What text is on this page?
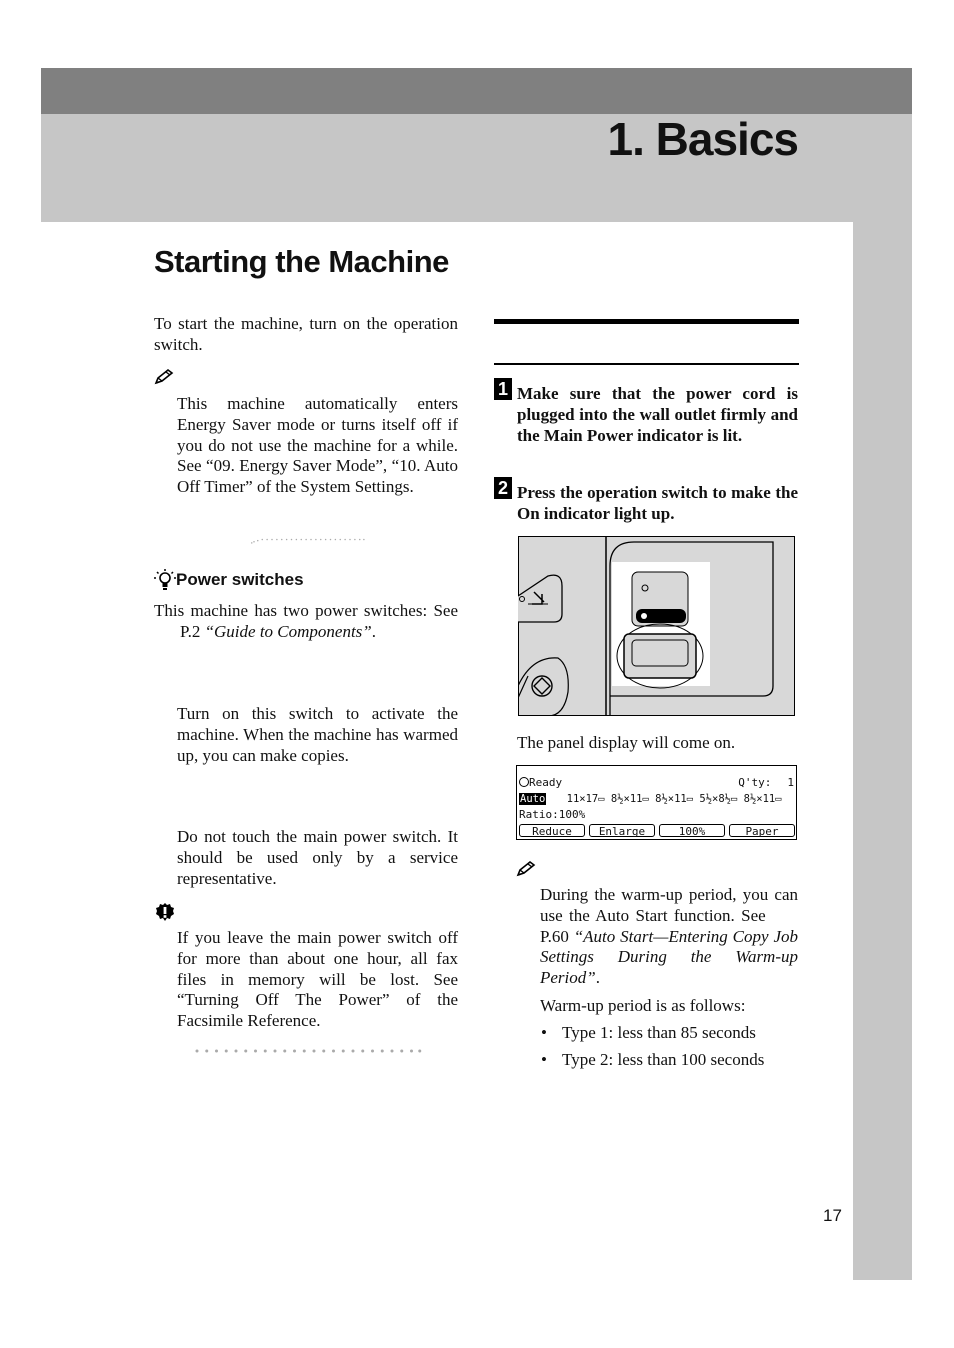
1. Basics
Starting the Machine

To start the machine, turn on the operation switch.

This machine automatically enters Energy Saver mode or turns itself off if you do not use the machine for a while. See “09. Energy Saver Mode”, “10. Auto Off Timer” of the System Settings.

Power switches

This machine has two power switches: See P.2 “Guide to Components”.

Turn on this switch to activate the machine. When the machine has warmed up, you can make copies.

Do not touch the main power switch. It should be used only by a service representative.

If you leave the main power switch off for more than about one hour, all fax files in memory will be lost. See “Turning Off The Power” of the Facsimile Reference.

1 Make sure that the power cord is plugged into the wall outlet firmly and the Main Power indicator is lit.

2 Press the operation switch to make the On indicator light up.

The panel display will come on.

Ready	Q'ty: 1
Auto 11×17▭ 8½×11▭ 8½×11▭ 5½×8½▭ 8½×11▭
Ratio:100%
Reduce	Enlarge	100%	Paper

During the warm-up period, you can use the Auto Start function. See P.60 “Auto Start—Entering Copy Job Settings During the Warm-up Period”.

Warm-up period is as follows:

• Type 1: less than 85 seconds
• Type 2: less than 100 seconds
17
